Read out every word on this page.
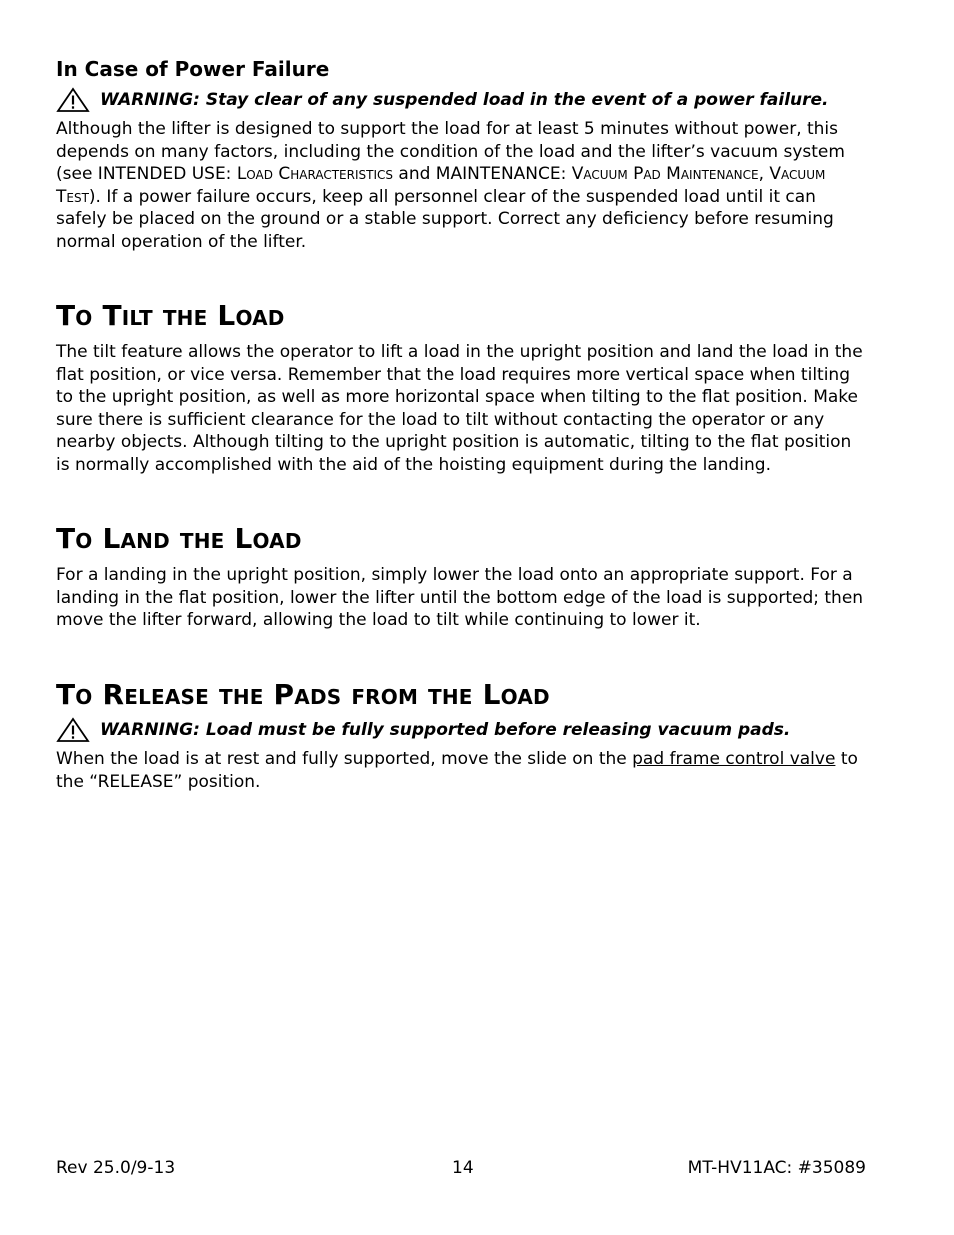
In Case of Power Failure
WARNING: Stay clear of any suspended load in the event of a power failure.
Although the lifter is designed to support the load for at least 5 minutes without power, this depends on many factors, including the condition of the load and the lifter’s vacuum system (see INTENDED USE: Load Characteristics and MAINTENANCE: Vacuum Pad Maintenance, Vacuum Test). If a power failure occurs, keep all personnel clear of the suspended load until it can safely be placed on the ground or a stable support. Correct any deficiency before resuming normal operation of the lifter.
To Tilt the Load
The tilt feature allows the operator to lift a load in the upright position and land the load in the flat position, or vice versa. Remember that the load requires more vertical space when tilting to the upright position, as well as more horizontal space when tilting to the flat position. Make sure there is sufficient clearance for the load to tilt without contacting the operator or any nearby objects. Although tilting to the upright position is automatic, tilting to the flat position is normally accomplished with the aid of the hoisting equipment during the landing.
To Land the Load
For a landing in the upright position, simply lower the load onto an appropriate support. For a landing in the flat position, lower the lifter until the bottom edge of the load is supported; then move the lifter forward, allowing the load to tilt while continuing to lower it.
To Release the Pads from the Load
WARNING: Load must be fully supported before releasing vacuum pads.
When the load is at rest and fully supported, move the slide on the pad frame control valve to the “RELEASE” position.
Rev 25.0/9-13	14	MT-HV11AC: #35089
